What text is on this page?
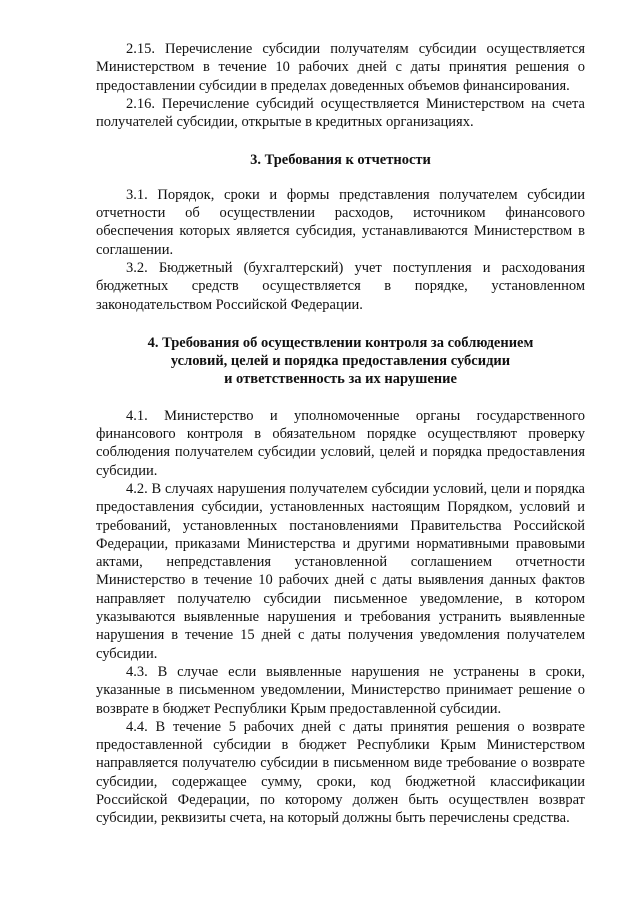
2.15. Перечисление субсидии получателям субсидии осуществляется Министерством в течение 10 рабочих дней с даты принятия решения о предоставлении субсидии в пределах доведенных объемов финансирования.

2.16. Перечисление субсидий осуществляется Министерством на счета получателей субсидии, открытые в кредитных организациях.

3. Требования к отчетности

3.1. Порядок, сроки и формы представления получателем субсидии отчетности об осуществлении расходов, источником финансового обеспечения которых является субсидия, устанавливаются Министерством в соглашении.

3.2. Бюджетный (бухгалтерский) учет поступления и расходования бюджетных средств осуществляется в порядке, установленном законодательством Российской Федерации.

4. Требования об осуществлении контроля за соблюдением
условий, целей и порядка предоставления субсидии
и ответственность за их нарушение

4.1. Министерство и уполномоченные органы государственного финансового контроля в обязательном порядке осуществляют проверку соблюдения получателем субсидии условий, целей и порядка предоставления субсидии.

4.2. В случаях нарушения получателем субсидии условий, цели и порядка предоставления субсидии, установленных настоящим Порядком, условий и требований, установленных постановлениями Правительства Российской Федерации, приказами Министерства и другими нормативными правовыми актами, непредставления установленной соглашением отчетности Министерство в течение 10 рабочих дней с даты выявления данных фактов направляет получателю субсидии письменное уведомление, в котором указываются выявленные нарушения и требования устранить выявленные нарушения в течение 15 дней с даты получения уведомления получателем субсидии.

4.3. В случае если выявленные нарушения не устранены в сроки, указанные в письменном уведомлении, Министерство принимает решение о возврате в бюджет Республики Крым предоставленной субсидии.

4.4. В течение 5 рабочих дней с даты принятия решения о возврате предоставленной субсидии в бюджет Республики Крым Министерством направляется получателю субсидии в письменном виде требование о возврате субсидии, содержащее сумму, сроки, код бюджетной классификации Российской Федерации, по которому должен быть осуществлен возврат субсидии, реквизиты счета, на который должны быть перечислены средства.
